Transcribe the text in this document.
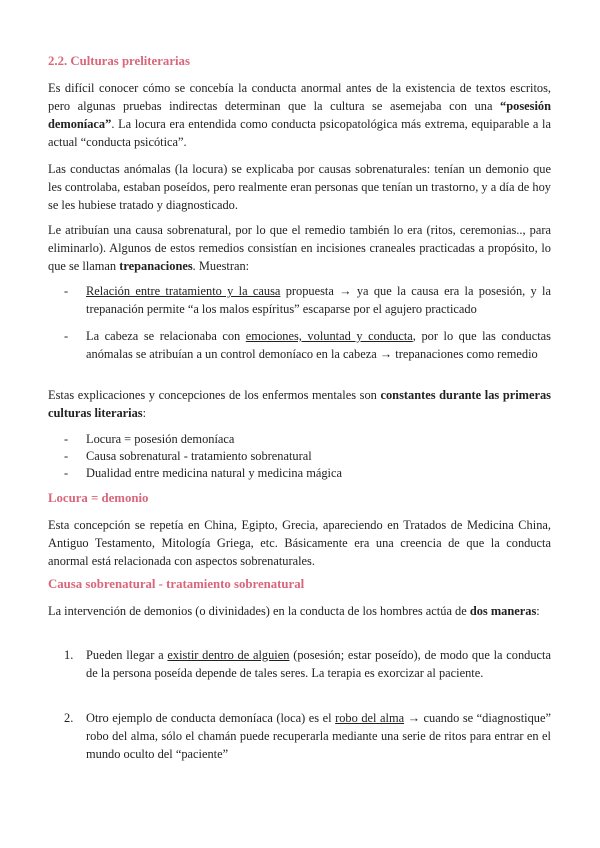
2.2. Culturas preliterarias

Es difícil conocer cómo se concebía la conducta anormal antes de la existencia de textos escritos, pero algunas pruebas indirectas determinan que la cultura se asemejaba con una “posesión demoníaca”. La locura era entendida como conducta psicopatológica más extrema, equiparable a la actual “conducta psicótica”.

Las conductas anómalas (la locura) se explicaba por causas sobrenaturales: tenían un demonio que les controlaba, estaban poseídos, pero realmente eran personas que tenían un trastorno, y a día de hoy se les hubiese tratado y diagnosticado.

Le atribuían una causa sobrenatural, por lo que el remedio también lo era (ritos, ceremonias.., para eliminarlo). Algunos de estos remedios consistían en incisiones craneales practicadas a propósito, lo que se llaman trepanaciones. Muestran:

- Relación entre tratamiento y la causa propuesta → ya que la causa era la posesión, y la trepanación permite “a los malos espíritus” escaparse por el agujero practicado

- La cabeza se relacionaba con emociones, voluntad y conducta, por lo que las conductas anómalas se atribuían a un control demoníaco en la cabeza → trepanaciones como remedio

Estas explicaciones y concepciones de los enfermos mentales son constantes durante las primeras culturas literarias:

- Locura = posesión demoníaca

- Causa sobrenatural - tratamiento sobrenatural

- Dualidad entre medicina natural y medicina mágica

Locura = demonio

Esta concepción se repetía en China, Egipto, Grecia, apareciendo en Tratados de Medicina China, Antiguo Testamento, Mitología Griega, etc. Básicamente era una creencia de que la conducta anormal está relacionada con aspectos sobrenaturales.

Causa sobrenatural - tratamiento sobrenatural

La intervención de demonios (o divinidades) en la conducta de los hombres actúa de dos maneras:

1. Pueden llegar a existir dentro de alguien (posesión; estar poseído), de modo que la conducta de la persona poseída depende de tales seres. La terapia es exorcizar al paciente.

2. Otro ejemplo de conducta demoníaca (loca) es el robo del alma → cuando se “diagnostique” robo del alma, sólo el chamán puede recuperarla mediante una serie de ritos para entrar en el mundo oculto del “paciente”
